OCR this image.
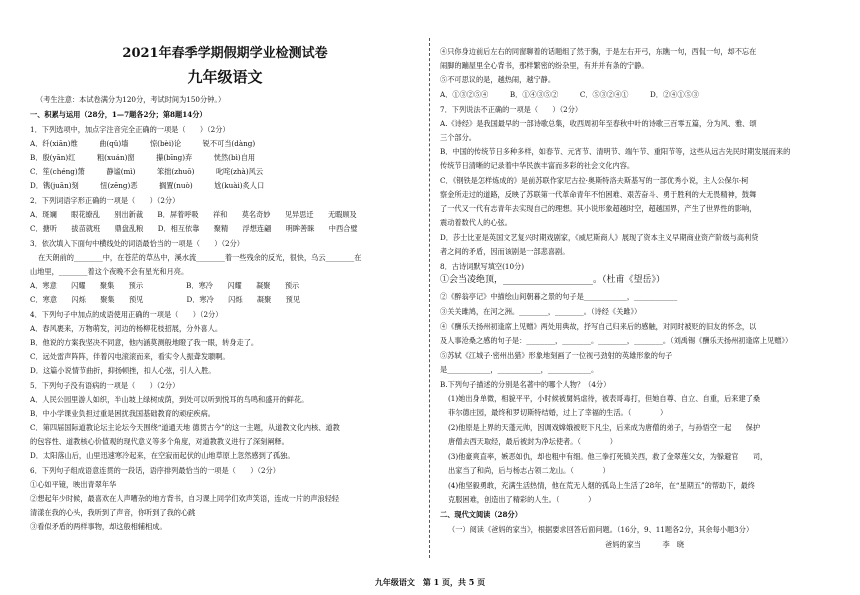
2021年春季学期假期学业检测试卷
九年级语文
（考生注意：本试卷满分为120分，考试时间为150分钟。）
一、积累与运用（28分，1—7题各2分；第8题14分）
1．下列选项中，加点字注音完全正确的一项是（　　）（2分）
A．纤(xiān)维　　　曲(qǔ)墙　　　惊(bèi)论　　　锐不可当(dàng)
B．殷(yān)红　　　粗(xuán)窗　　　攥(bīng)弃　　　恍然(bì)自用
C．笙(chéng)箫　　　静谧(mì)　　　笨拙(zhuō)　　　叱咤(zhà)风云
D．镌(juān)刻　　　忸(zēng)恶　　　搁置(nuò)　　　尬(kuài)炙人口
2．下列词语字形正确的一项是（　　）（2分）
A．斑斓　　眼花缭乱　　别出新裁　　B．屏着呼吸　　祥和　　莫名奇妙　　见异思迁　　无暇顾及
C．搪听　　拔苗就班　　鼎盘乱粮　　D．相互依靠　　聚精　　浮想连翩　　明眸善睐　　中西合璧
3．依次填入下面句中横线处的词语最恰当的一项是（　　）（2分）
在天朗前的________中，在苍茫的草丛中，溪水流________着一些残余的反光，很快，乌云________在
山地里，________着这个夜晚不会有星光和月亮。
A．寒意　　闪耀　　聚集　　预示　　　　　　B．寒冷　　闪耀　　凝聚　　预示
C．寒意　　闪烁　　聚集　　预见　　　　　　D．寒冷　　闪烁　　凝聚　　预见
4．下列句子中加点的成语使用正确的一项是（　　）（2分）
A．春风裹来，万物萌发，河边的杨柳花枝招展，分外喜人。
B．他说的方案我坚决不同意，他内涵莫测般地瞪了我一眼，转身走了。
C．远处雷声阵阵，伴着闪电滚滚而来，看实令人振聋发聩啊。
D．这篇小说情节曲折，抑扬顿挫，扣人心弦，引人入胜。
5．下列句子没有语病的一项是（　　）（2分）
A．人民公园里游人如织，半山坡上绿树成荫，到处可以听到悦耳的鸟鸣和盛开的鲜花。
B．中小学课业负担过重是困扰我国基础教育的顽症疾病。
C．第四届国际道教论坛主论坛今天围绕“道通天地 德贯古今”的这一主题，从道教文化内核、道教
的包容性、道教核心价值观的现代意义等多个角度，对道教教义进行了深刻阐释。
D．太阳落山后，山里迅速寒冷起来，在空寂而起伏的山地草原上忽然感到了孤独。
6．下列句子组成语意连贯的一段话，语序排列最恰当的一项是（　　）（2分）
①心如平镜，映出青翠年华
②想起年少时候，最喜欢在人声嘈杂的地方背书，自习课上同学们欢声笑语，连成一片的声浪轻轻
清漾在我的心头，我听到了声音，你听到了我的心跳
③看似矛盾的两样事物，却这般相辅相成。
④只你身边前后左右的同窗聊着的话题组了然于胸，于是左右开弓，东瞧一句，西侃一句，却不忘在
闹脚的蹦屋里全心背书，那样繁密的纷杂里，有并并有条的宁静。
⑤不可思议的是，越热闹，越宁静。
A．①③②⑤④　　　B．①④③⑤②　　　C．⑤③②④①　　　D．②④①⑤③
7．下列说法不正确的一项是（　　）（2分）
A.《诗经》是我国最早的一部诗歌总集，收西周初年至春秋中叶的诗歌三百零五篇，分为风、雅、颂
三个部分。
B．中国的传统节日多种多样，如春节、元宵节、清明节、端午节、重阳节等，这些从远古先民时期发展而来的
传统节日清晰的记录着中华民族丰富而多彩的社会文化内容。
C．《钢铁是怎样炼成的》是前苏联作家尼古拉·奥斯特洛夫斯基写的一部优秀小说，主人公保尔·柯
察金所走过的道路，反映了苏联第一代革命青年不怕困难、艰苦奋斗、勇于胜利的大无畏精神，鼓舞
了一代又一代有志青年去实现自己的理想。其小说形象超越时空，超越国界，产生了世界性的影响，
震动着数代人的心弦。
D．莎士比亚是英国文艺复兴时期戏剧家，《威尼斯商人》展现了资本主义早期商业资产阶级与高利贷
者之间的矛盾，因而该剧是一部悲喜剧。
8．古诗词默写填空(10分)
①会当凌绝顶，____________________。（杜甫《望岳》）
②《醉翁亭记》中描绘山间朝暮之景的句子是____________，____________
③关关雎鸠，在河之洲。________，________。（诗经《关雎》）
④《酬乐天扬州初逢席上见赠》两处用典故，抒写自己归来后的感触，对同时被贬的旧友的怀念，以
及人事沧桑之感的句子是：________，________。________，________。（刘禹锡《酬乐天扬州初逢席上见赠》）
⑤苏轼《江城子·密州出猎》形象地刻画了一位视弓劲射的英雄形象的句子
是____________，____________，____________。
B.下列句子描述的分别是名著中的哪个人物？（4分）
(1)她出身单微，相貌平平，小时候被舅妈虐待，被表哥毒打，但她自尊、自立、自重，后来建了桑
菲尔德庄园，最终和罗切斯特结婚，过上了幸福的生活。（　　　　）
(2)他原是上界的天蓬元帅，因调戏嫦娥被贬下凡尘，后来成为唐僧的弟子，与孙悟空一起　　保护
唐僧去西天取经，最后被封为净坛使者。（　　　　）
(3)他豪爽直率，嫉恶如仇，却也粗中有细。他三拳打死镇关西，救了金翠莲父女，为躲避官　　司，
出家当了和尚，后与杨志占领二龙山。（　　　　）
(4)他坚毅勇敢，充满生活热情，他在荒无人烟的孤岛上生活了28年，在“星期五”的帮助下，最终
克服困难，创造出了精彩的人生。（　　　　）
二、现代文阅读（28分）
（一）阅读《爸妈的家当》，根据要求回答后面问题。（16分，9、11题各2分，其余每小题3分）
爸妈的家当　　　李　晓
九年级语文　第 1 页，共 5 页
